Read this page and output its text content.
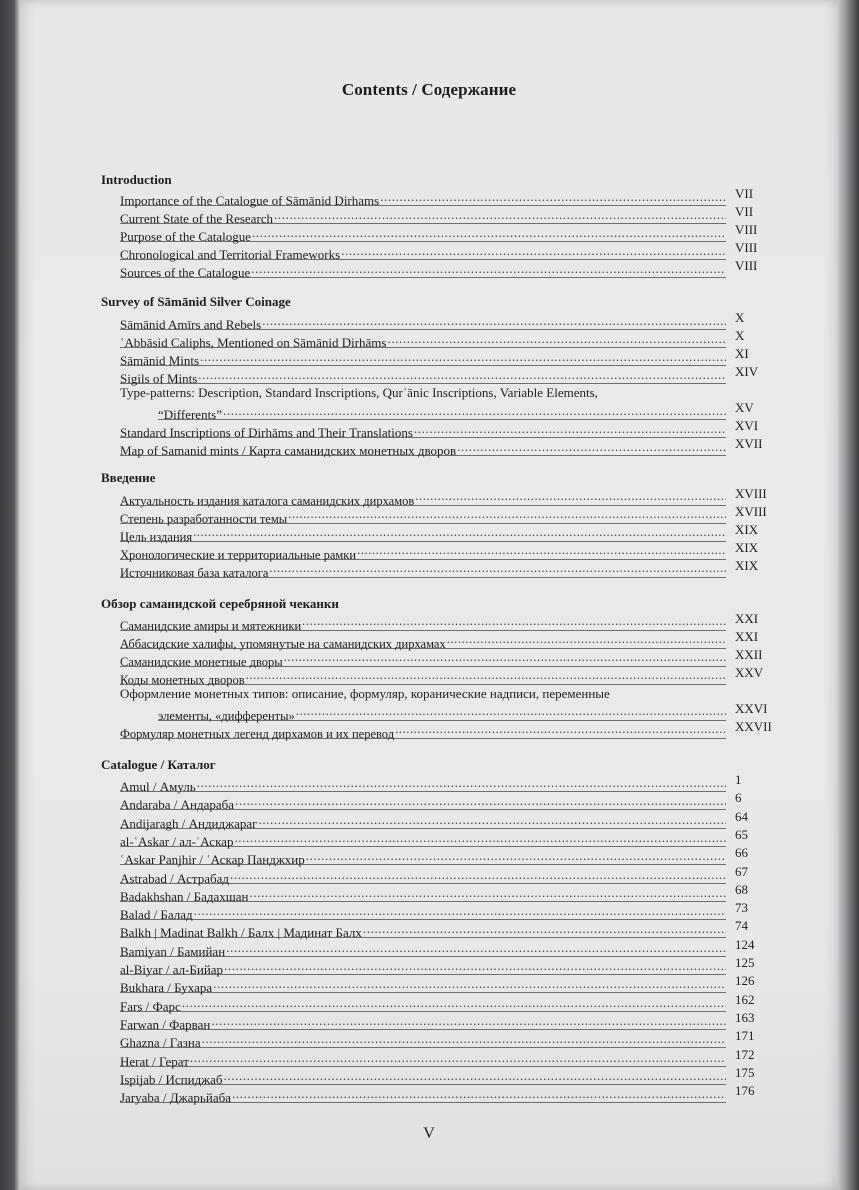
Contents / Содержание
Introduction
Importance of the Catalogue of Sāmānid Dirhams .....	VII
Current State of the Research .....	VII
Purpose of the Catalogue .....	VIII
Chronological and Territorial Frameworks .....	VIII
Sources of the Catalogue .....	VIII
Survey of Sāmānid Silver Coinage
Sāmānid Amīrs and Rebels .....	X
ʿAbbāsid Caliphs, Mentioned on Sāmānid Dirhāms .....	X
Sāmānid Mints .....	XI
Sigils of Mints .....	XIV
Type-patterns: Description, Standard Inscriptions, Qurʾānic Inscriptions, Variable Elements,
“Differents” .....	XV
Standard Inscriptions of Dirhāms and Their Translations .....	XVI
Map of Samanid mints / Карта саманидских монетных дворов .....	XVII
Введение
Актуальность издания каталога саманидских дирхамов .....	XVIII
Степень разработанности темы .....	XVIII
Цель издания .....	XIX
Хронологические и территориальные рамки .....	XIX
Источниковая база каталога .....	XIX
Обзор саманидской серебряной чеканки
Саманидские амиры и мятежники .....	XXI
Аббасидские халифы, упомянутые на саманидских дирхамах .....	XXI
Саманидские монетные дворы .....	XXII
Коды монетных дворов .....	XXV
Оформление монетных типов: описание, формуляр, коранические надписи, переменные
элементы, «дифференты» .....	XXVI
Формуляр монетных легенд дирхамов и их перевод .....	XXVII
Catalogue / Каталог
Amul / Амуль .....	1
Andaraba / Андараба .....	6
Andijaragh / Андиджараг .....	64
al-ʿAskar / ал-ʿАскар .....	65
ʿAskar Panjhir / ʿАскар Панджхир .....	66
Astrabad / Астрабад .....	67
Badakhshan / Бадахшан .....	68
Balad / Балад .....	73
Balkh | Madinat Balkh / Балх | Мадинат Балх .....	74
Bamiyan / Бамийан .....	124
al-Biyar / ал-Бийар .....	125
Bukhara / Бухара .....	126
Fars / Фарс .....	162
Farwan / Фарван .....	163
Ghazna / Газна .....	171
Herat / Герат .....	172
Ispijab / Испиджаб .....	175
Jaryaba / Джарьйаба .....	176
V
